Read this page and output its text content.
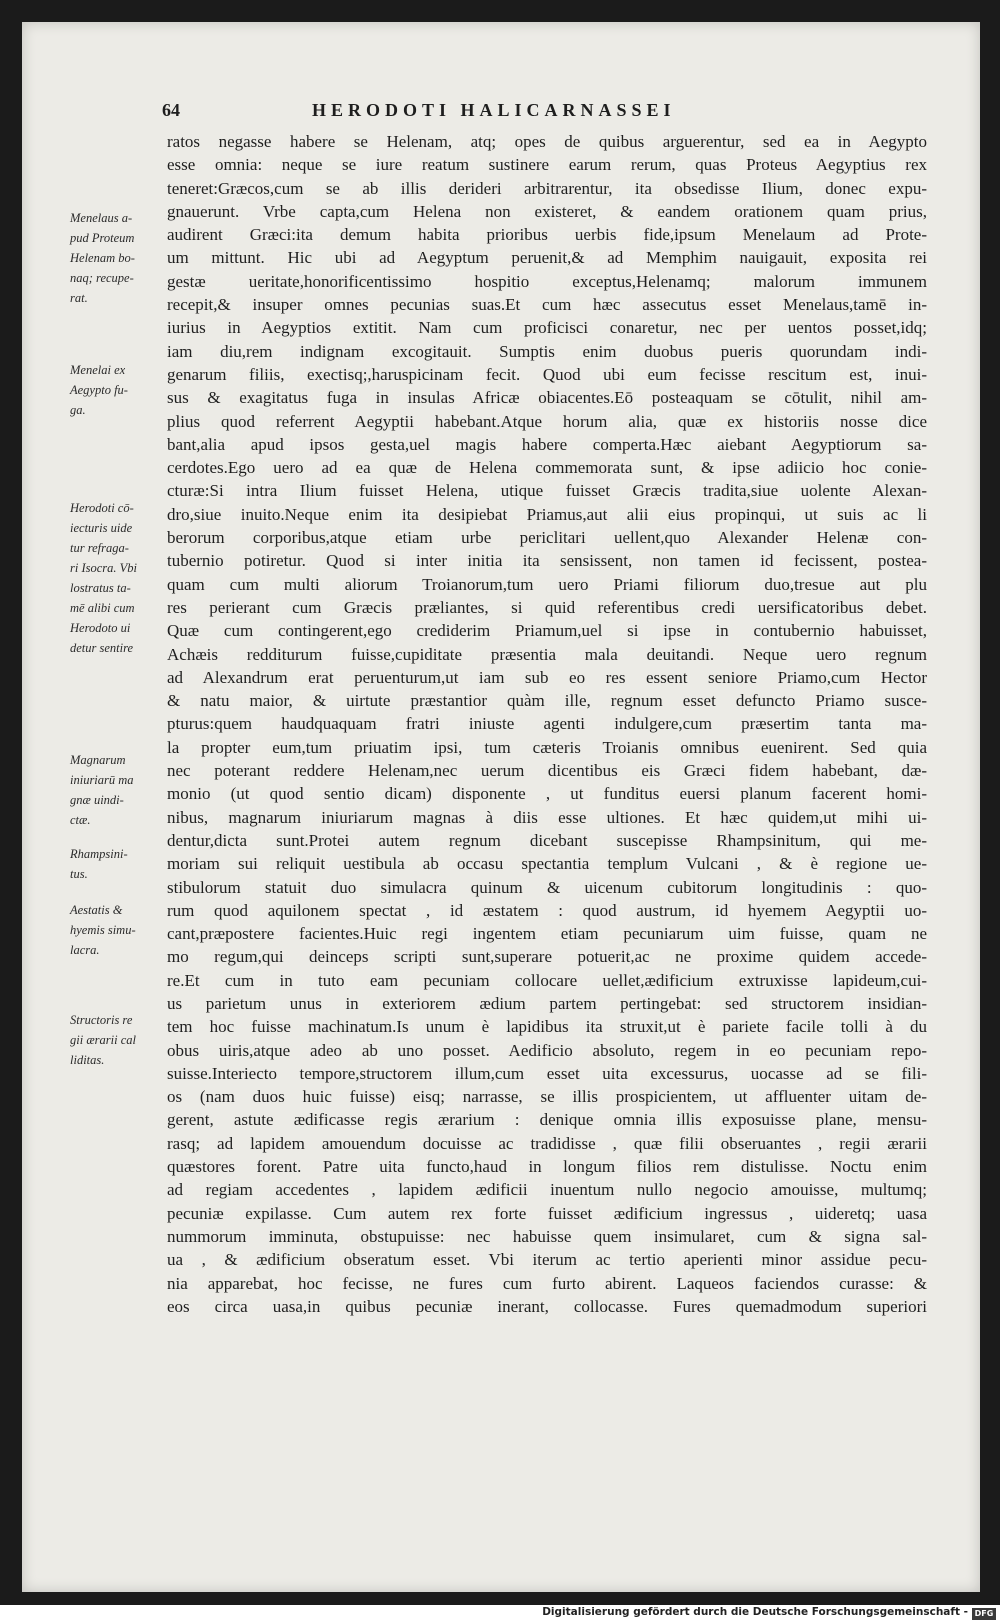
64	HERODOTI HALICARNASSEI
ratos negasse habere se Helenam, atq; opes de quibus arguerentur, sed ea in Aegypto
esse omnia: neque se iure reatum sustinere earum rerum, quas Proteus Aegyptius rex
teneret:Græcos,cum se ab illis derideri arbitrarentur, ita obsedisse Ilium, donec expu-
gnauerunt. Vrbe capta,cum Helena non existeret, & eandem orationem quam prius,
audirent Græci:ita demum habita prioribus uerbis fide,ipsum Menelaum ad Prote-
um mittunt. Hic ubi ad Aegyptum peruenit,& ad Memphim nauigauit, exposita rei
gestæ ueritate,honorificentissimo hospitio exceptus,Helenamq; malorum immunem
recepit,& insuper omnes pecunias suas.Et cum hæc assecutus esset Menelaus,tamē in-
iurius in Aegyptios extitit. Nam cum proficisci conaretur, nec per uentos posset,idq;
iam diu,rem indignam excogitauit. Sumptis enim duobus pueris quorundam indi-
genarum filiis, exectisq;,haruspicinam fecit. Quod ubi eum fecisse rescitum est, inui-
sus & exagitatus fuga in insulas Africæ obiacentes.Eō posteaquam se cōtulit, nihil am-
plius quod referrent Aegyptii habebant.Atque horum alia, quæ ex historiis nosse dice
bant,alia apud ipsos gesta,uel magis habere comperta.Hæc aiebant Aegyptiorum sa-
cerdotes.Ego uero ad ea quæ de Helena commemorata sunt, & ipse adiicio hoc conie-
cturæ:Si intra Ilium fuisset Helena, utique fuisset Græcis tradita,siue uolente Alexan-
dro,siue inuito.Neque enim ita desipiebat Priamus,aut alii eius propinqui, ut suis ac li
berorum corporibus,atque etiam urbe periclitari uellent,quo Alexander Helenæ con-
tubernio potiretur. Quod si inter initia ita sensissent, non tamen id fecissent, postea-
quam cum multi aliorum Troianorum,tum uero Priami filiorum duo,tresue aut plu
res perierant cum Græcis præliantes, si quid referentibus credi uersificatoribus debet.
Quæ cum contingerent,ego crediderim Priamum,uel si ipse in contubernio habuisset,
Achæis redditurum fuisse,cupiditate præsentia mala deuitandi. Neque uero regnum
ad Alexandrum erat peruenturum,ut iam sub eo res essent seniore Priamo,cum Hector
& natu maior, & uirtute præstantior quàm ille, regnum esset defuncto Priamo susce-
pturus:quem haudquaquam fratri iniuste agenti indulgere,cum præsertim tanta ma-
la propter eum,tum priuatim ipsi, tum cæteris Troianis omnibus euenirent. Sed quia
nec poterant reddere Helenam,nec uerum dicentibus eis Græci fidem habebant, dæ-
monio (ut quod sentio dicam) disponente , ut funditus euersi planum facerent homi-
nibus, magnarum iniuriarum magnas à diis esse ultiones. Et hæc quidem,ut mihi ui-
dentur,dicta sunt.Protei autem regnum dicebant suscepisse Rhampsinitum, qui me-
moriam sui reliquit uestibula ab occasu spectantia templum Vulcani , & è regione ue-
stibulorum statuit duo simulacra quinum & uicenum cubitorum longitudinis : quo-
rum quod aquilonem spectat , id æstatem : quod austrum, id hyemem Aegyptii uo-
cant,præpostere facientes.Huic regi ingentem etiam pecuniarum uim fuisse, quam ne
mo regum,qui deinceps scripti sunt,superare potuerit,ac ne proxime quidem accede-
re.Et cum in tuto eam pecuniam collocare uellet,ædificium extruxisse lapideum,cui-
us parietum unus in exteriorem ædium partem pertingebat: sed structorem insidian-
tem hoc fuisse machinatum.Is unum è lapidibus ita struxit,ut è pariete facile tolli à du
obus uiris,atque adeo ab uno posset. Aedificio absoluto, regem in eo pecuniam repo-
suisse.Interiecto tempore,structorem illum,cum esset uita excessurus, uocasse ad se fili-
os (nam duos huic fuisse) eisq; narrasse, se illis prospicientem, ut affluenter uitam de-
gerent, astute ædificasse regis ærarium : denique omnia illis exposuisse plane, mensu-
rasq; ad lapidem amouendum docuisse ac tradidisse , quæ filii obseruantes , regii ærarii
quæstores forent. Patre uita functo,haud in longum filios rem distulisse. Noctu enim
ad regiam accedentes , lapidem ædificii inuentum nullo negocio amouisse, multumq;
pecuniæ expilasse. Cum autem rex forte fuisset ædificium ingressus , uideretq; uasa
nummorum imminuta, obstupuisse: nec habuisse quem insimularet, cum & signa sal-
ua , & ædificium obseratum esset. Vbi iterum ac tertio aperienti minor assidue pecu-
nia apparebat, hoc fecisse, ne fures cum furto abirent. Laqueos faciendos curasse: &
eos circa uasa,in quibus pecuniæ inerant, collocasse. Fures quemadmodum superiori
Menelaus a-
pud Proteum
Helenam bo-
naq; recupe-
rat.
Menelai ex
Aegypto fu-
ga.
Herodoti cō-
iecturis uide
tur refraga-
ri Isocra. Vbi
lostratus ta-
mē alibi cum
Herodoto ui
detur sentire
Magnarum
iniuriarū ma
gnæ uindi-
ctæ.
Rhampsini-
tus.
Aestatis &
hyemis simu-
lacra.
Structoris re
gii ærarii cal
liditas.
Digitalisierung gefördert durch die Deutsche Forschungsgemeinschaft - DFG
